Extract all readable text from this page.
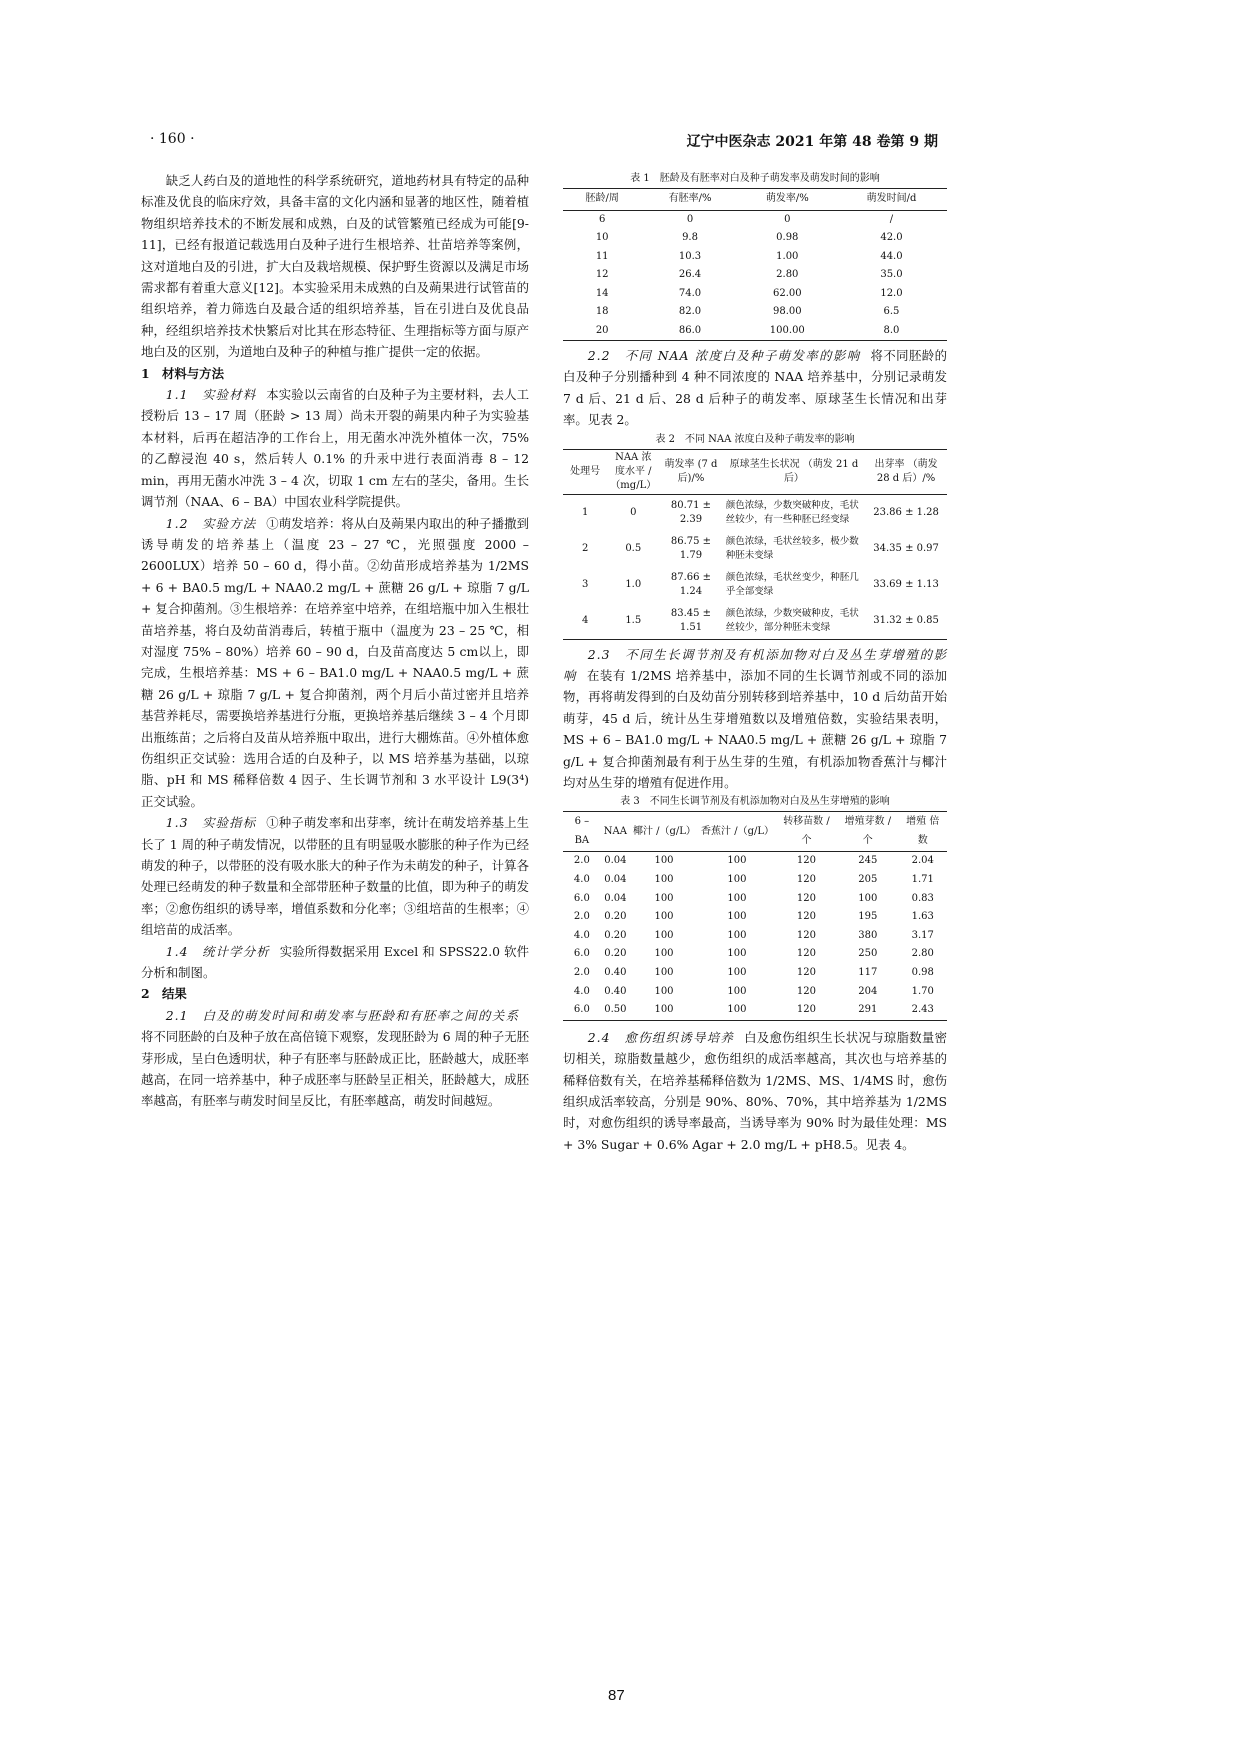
· 160 ·	辽宁中医杂志 2021 年第 48 卷第 9 期

缺乏人药白及的道地性的科学系统研究，道地药材具有特定的品种标准及优良的临床疗效，具备丰富的文化内涵和显著的地区性，随着植物组织培养技术的不断发展和成熟，白及的试管繁殖已经成为可能[9-11]，已经有报道记载选用白及种子进行生根培养、壮苗培养等案例，这对道地白及的引进，扩大白及栽培规模、保护野生资源以及满足市场需求都有着重大意义[12]。本实验采用未成熟的白及蒴果进行试管苗的组织培养，着力筛选白及最合适的组织培养基，旨在引进白及优良品种，经组织培养技术快繁后对比其在形态特征、生理指标等方面与原产地白及的区别，为道地白及种子的种植与推广提供一定的依据。

1　材料与方法

1.1　实验材料 本实验以云南省的白及种子为主要材料，去人工授粉后 13 – 17 周（胚龄 > 13 周）尚未开裂的蒴果内种子为实验基本材料，后再在超洁净的工作台上，用无菌水冲洗外植体一次，75% 的乙醇浸泡 40 s，然后转人 0.1% 的升汞中进行表面消毒 8 – 12 min，再用无菌水冲洗 3 – 4 次，切取 1 cm 左右的茎尖，备用。生长调节剂（NAA、6 – BA）中国农业科学院提供。

1.2　实验方法 ①萌发培养：将从白及蒴果内取出的种子播撒到诱导萌发的培养基上（温度 23 – 27 ℃，光照强度 2000 – 2600LUX）培养 50 – 60 d，得小苗。②幼苗形成培养基为 1/2MS + 6 + BA0.5 mg/L + NAA0.2 mg/L + 蔗糖 26 g/L + 琼脂 7 g/L + 复合抑菌剂。③生根培养：在培养室中培养，在组培瓶中加入生根壮苗培养基，将白及幼苗消毒后，转植于瓶中（温度为 23 – 25 ℃，相对湿度 75% – 80%）培养 60 – 90 d，白及苗高度达 5 cm以上，即完成，生根培养基：MS + 6 – BA1.0 mg/L + NAA0.5 mg/L + 蔗糖 26 g/L + 琼脂 7 g/L + 复合抑菌剂，两个月后小苗过密并且培养基营养耗尽，需要换培养基进行分瓶，更换培养基后继续 3 – 4 个月即出瓶练苗；之后将白及苗从培养瓶中取出，进行大棚炼苗。④外植体愈伤组织正交试验：选用合适的白及种子，以 MS 培养基为基础，以琼脂、pH 和 MS 稀释倍数 4 因子、生长调节剂和 3 水平设计 L9(3⁴) 正交试验。

1.3　实验指标 ①种子萌发率和出芽率，统计在萌发培养基上生长了 1 周的种子萌发情况，以带胚的且有明显吸水膨胀的种子作为已经萌发的种子，以带胚的没有吸水胀大的种子作为未萌发的种子，计算各处理已经萌发的种子数量和全部带胚种子数量的比值，即为种子的萌发率；②愈伤组织的诱导率，增值系数和分化率；③组培苗的生根率；④组培苗的成活率。

1.4　统计学分析 实验所得数据采用 Excel 和 SPSS22.0 软件分析和制图。

2　结果

2.1　白及的萌发时间和萌发率与胚龄和有胚率之间的关系将不同胚龄的白及种子放在高倍镜下观察，发现胚龄为 6 周的种子无胚芽形成，呈白色透明状，种子有胚率与胚龄成正比，胚龄越大，成胚率越高，在同一培养基中，种子成胚率与胚龄呈正相关，胚龄越大，成胚率越高，有胚率与萌发时间呈反比，有胚率越高，萌发时间越短。

表 1　胚龄及有胚率对白及种子萌发率及萌发时间的影响

胚龄/周	有胚率/%	萌发率/%	萌发时间/d
6	0	0	/
10	9.8	0.98	42.0
11	10.3	1.00	44.0
12	26.4	2.80	35.0
14	74.0	62.00	12.0
18	82.0	98.00	6.5
20	86.0	100.00	8.0

2.2　不同 NAA 浓度白及种子萌发率的影响 将不同胚龄的白及种子分别播种到 4 种不同浓度的 NAA 培养基中，分别记录萌发 7 d 后、21 d 后、28 d 后种子的萌发率、原球茎生长情况和出芽率。见表 2。

表 2　不同 NAA 浓度白及种子萌发率的影响

处理号	NAA 浓度水平 /（mg/L）	萌发率 (7 d 后)/%	原球茎生长状况 （萌发 21 d 后）	出芽率 （萌发 28 d 后）/%
1	0	80.71 ± 2.39	颜色浓绿，少数突破种皮，毛状丝较少，有一些种胚已经变绿	23.86 ± 1.28
2	0.5	86.75 ± 1.79	颜色浓绿，毛状丝较多，极少数种胚未变绿	34.35 ± 0.97
3	1.0	87.66 ± 1.24	颜色浓绿，毛状丝变少，种胚几乎全部变绿	33.69 ± 1.13
4	1.5	83.45 ± 1.51	颜色浓绿，少数突破种皮，毛状丝较少，部分种胚未变绿	31.32 ± 0.85

2.3　不同生长调节剂及有机添加物对白及丛生芽增殖的影响 在装有 1/2MS 培养基中，添加不同的生长调节剂或不同的添加物，再将萌发得到的白及幼苗分别转移到培养基中，10 d 后幼苗开始萌芽，45 d 后，统计丛生芽增殖数以及增殖倍数，实验结果表明，MS + 6 – BA1.0 mg/L + NAA0.5 mg/L + 蔗糖 26 g/L + 琼脂 7 g/L + 复合抑菌剂最有利于丛生芽的生殖，有机添加物香蕉汁与椰汁均对丛生芽的增殖有促进作用。

表 3　不同生长调节剂及有机添加物对白及丛生芽增殖的影响

6 – BA	NAA	椰汁 /（g/L）	香蕉汁 /（g/L）	转移苗数 /个	增殖芽数 /个	增殖 倍数
2.0	0.04	100	100	120	245	2.04
4.0	0.04	100	100	120	205	1.71
6.0	0.04	100	100	120	100	0.83
2.0	0.20	100	100	120	195	1.63
4.0	0.20	100	100	120	380	3.17
6.0	0.20	100	100	120	250	2.80
2.0	0.40	100	100	120	117	0.98
4.0	0.40	100	100	120	204	1.70
6.0	0.50	100	100	120	291	2.43

2.4　愈伤组织诱导培养 白及愈伤组织生长状况与琼脂数量密切相关，琼脂数量越少，愈伤组织的成活率越高，其次也与培养基的稀释倍数有关，在培养基稀释倍数为 1/2MS、MS、1/4MS 时，愈伤组织成活率较高，分别是 90%、80%、70%，其中培养基为 1/2MS 时，对愈伤组织的诱导率最高，当诱导率为 90% 时为最佳处理：MS + 3% Sugar + 0.6% Agar + 2.0 mg/L + pH8.5。见表 4。

87
